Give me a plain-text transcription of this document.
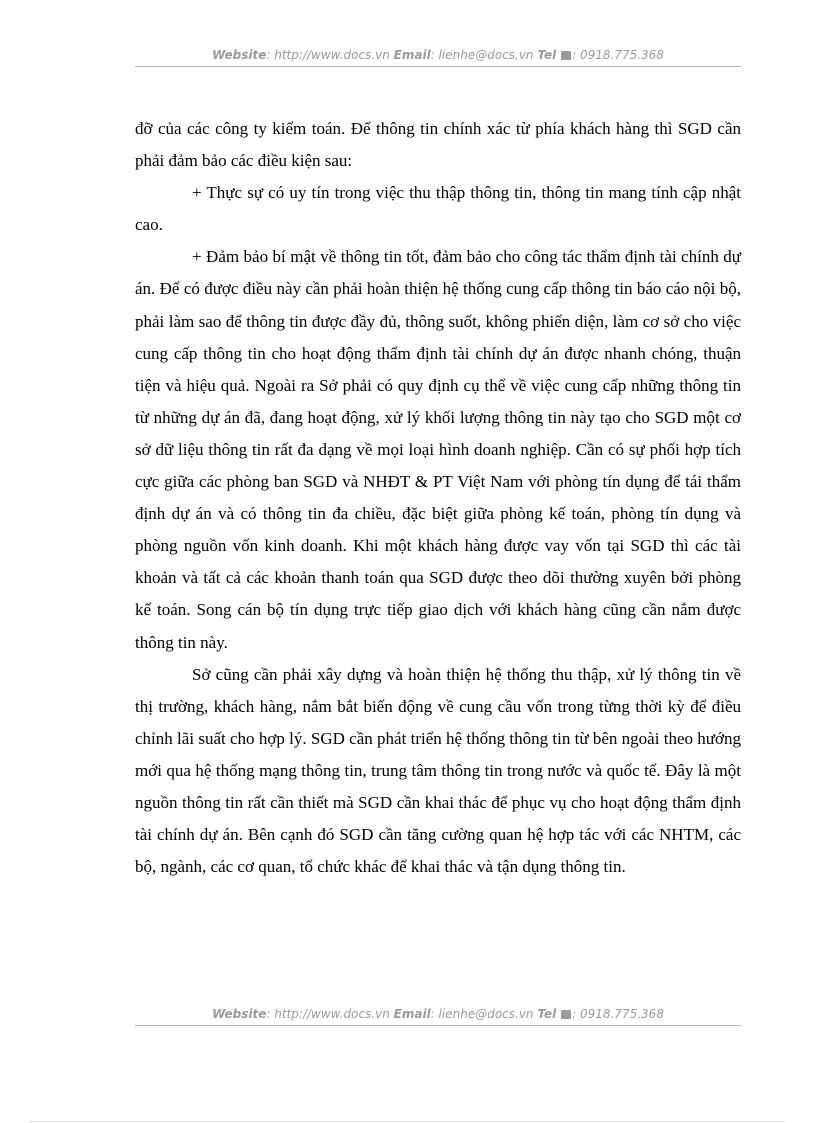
Website: http://www.docs.vn Email: lienhe@docs.vn Tel : 0918.775.368

đỡ của các công ty kiểm toán. Để thông tin chính xác từ phía khách hàng thì SGD cần phải đảm bảo các điều kiện sau:

+ Thực sự có uy tín trong việc thu thập thông tin, thông tin mang tính cập nhật cao.

+ Đảm bảo bí mật về thông tin tốt, đảm bảo cho công tác thẩm định tài chính dự án. Để có được điều này cần phải hoàn thiện hệ thống cung cấp thông tin báo cáo nội bộ, phải làm sao để thông tin được đầy đủ, thông suốt, không phiến diện, làm cơ sở cho việc cung cấp thông tin cho hoạt động thẩm định tài chính dự án được nhanh chóng, thuận tiện và hiệu quả. Ngoài ra Sở phải có quy định cụ thể về việc cung cấp những thông tin từ những dự án đã, đang hoạt động, xử lý khối lượng thông tin này tạo cho SGD một cơ sở dữ liệu thông tin rất đa dạng về mọi loại hình doanh nghiệp. Cần có sự phối hợp tích cực giữa các phòng ban SGD và NHĐT & PT Việt Nam với phòng tín dụng để tái thẩm định dự án và có thông tin đa chiều, đặc biệt giữa phòng kế toán, phòng tín dụng và phòng nguồn vốn kinh doanh. Khi một khách hàng được vay vốn tại SGD thì các tài khoản và tất cả các khoản thanh toán qua SGD được theo dõi thường xuyên bởi phòng kế toán. Song cán bộ tín dụng trực tiếp giao dịch với khách hàng cũng cần nắm được thông tin này.

Sở cũng cần phải xây dựng và hoàn thiện hệ thống thu thập, xử lý thông tin về thị trường, khách hàng, nắm bắt biến động về cung cầu vốn trong từng thời kỳ để điều chỉnh lãi suất cho hợp lý. SGD cần phát triển hệ thống thông tin từ bên ngoài theo hướng mới qua hệ thống mạng thông tin, trung tâm thông tin trong nước và quốc tế. Đây là một nguồn thông tin rất cần thiết mà SGD cần khai thác để phục vụ cho hoạt động thẩm định tài chính dự án. Bên cạnh đó SGD cần tăng cường quan hệ hợp tác với các NHTM, các bộ, ngành, các cơ quan, tổ chức khác để khai thác và tận dụng thông tin.

Website: http://www.docs.vn Email: lienhe@docs.vn Tel : 0918.775.368
